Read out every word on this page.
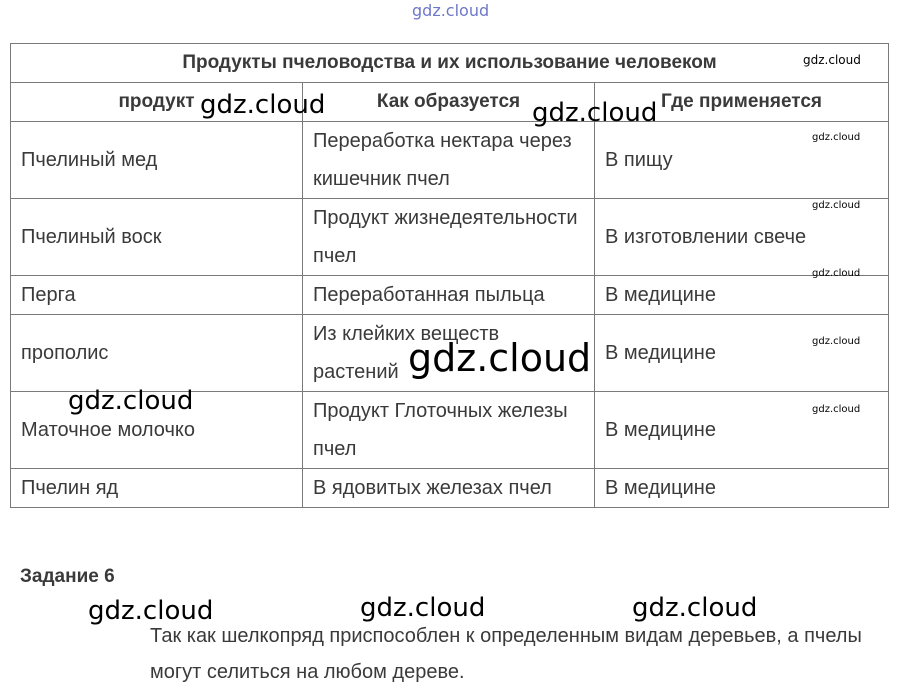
Продукты пчеловодства и их использование человеком		
продукт	Как образуется	Где применяется
Пчелиный мед	Переработка нектара через кишечник пчел	В пищу
Пчелиный воск	Продукт жизнедеятельности пчел	В изготовлении свече
Перга	Переработанная пыльца	В медицине
прополис	Из клейких веществ растений	В медицине
Маточное молочко	Продукт Глоточных железы пчел	В медицине
Пчелин яд	В ядовитых железах пчел	В медицине
Задание 6
Так как шелкопряд приспособлен к определенным видам деревьев, а пчелы могут селиться на любом дереве.
gdz.cloud
gdz.cloud
gdz.cloud	gdz.cloud
gdz.cloud
gdz.cloud
gdz.cloud
gdz.cloud
gdz.cloud
gdz.cloud	gdz.cloud
gdz.cloud	gdz.cloud	gdz.cloud
